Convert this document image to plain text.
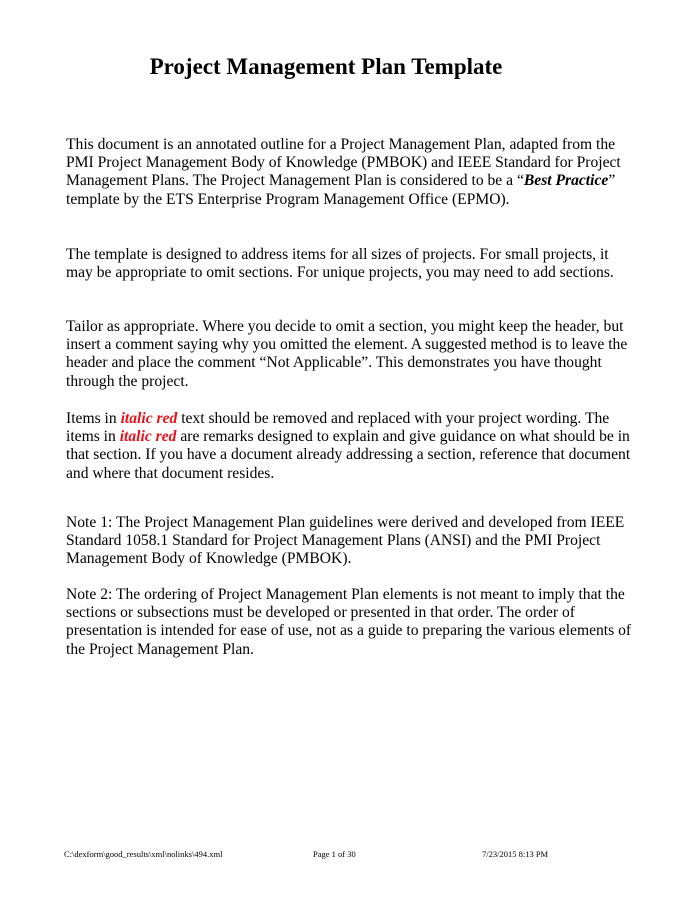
Project Management Plan Template

This document is an annotated outline for a Project Management Plan, adapted from the PMI Project Management Body of Knowledge (PMBOK) and IEEE Standard for Project Management Plans. The Project Management Plan is considered to be a “Best Practice” template by the ETS Enterprise Program Management Office (EPMO).

The template is designed to address items for all sizes of projects. For small projects, it may be appropriate to omit sections. For unique projects, you may need to add sections.

Tailor as appropriate. Where you decide to omit a section, you might keep the header, but insert a comment saying why you omitted the element. A suggested method is to leave the header and place the comment “Not Applicable”. This demonstrates you have thought through the project.

Items in italic red text should be removed and replaced with your project wording. The items in italic red are remarks designed to explain and give guidance on what should be in that section. If you have a document already addressing a section, reference that document and where that document resides.

Note 1: The Project Management Plan guidelines were derived and developed from IEEE Standard 1058.1 Standard for Project Management Plans (ANSI) and the PMI Project Management Body of Knowledge (PMBOK).

Note 2: The ordering of Project Management Plan elements is not meant to imply that the sections or subsections must be developed or presented in that order. The order of presentation is intended for ease of use, not as a guide to preparing the various elements of the Project Management Plan.

C:\dexform\good_results\xml\nolinks\494.xml	Page 1 of 30	7/23/2015 8:13 PM
